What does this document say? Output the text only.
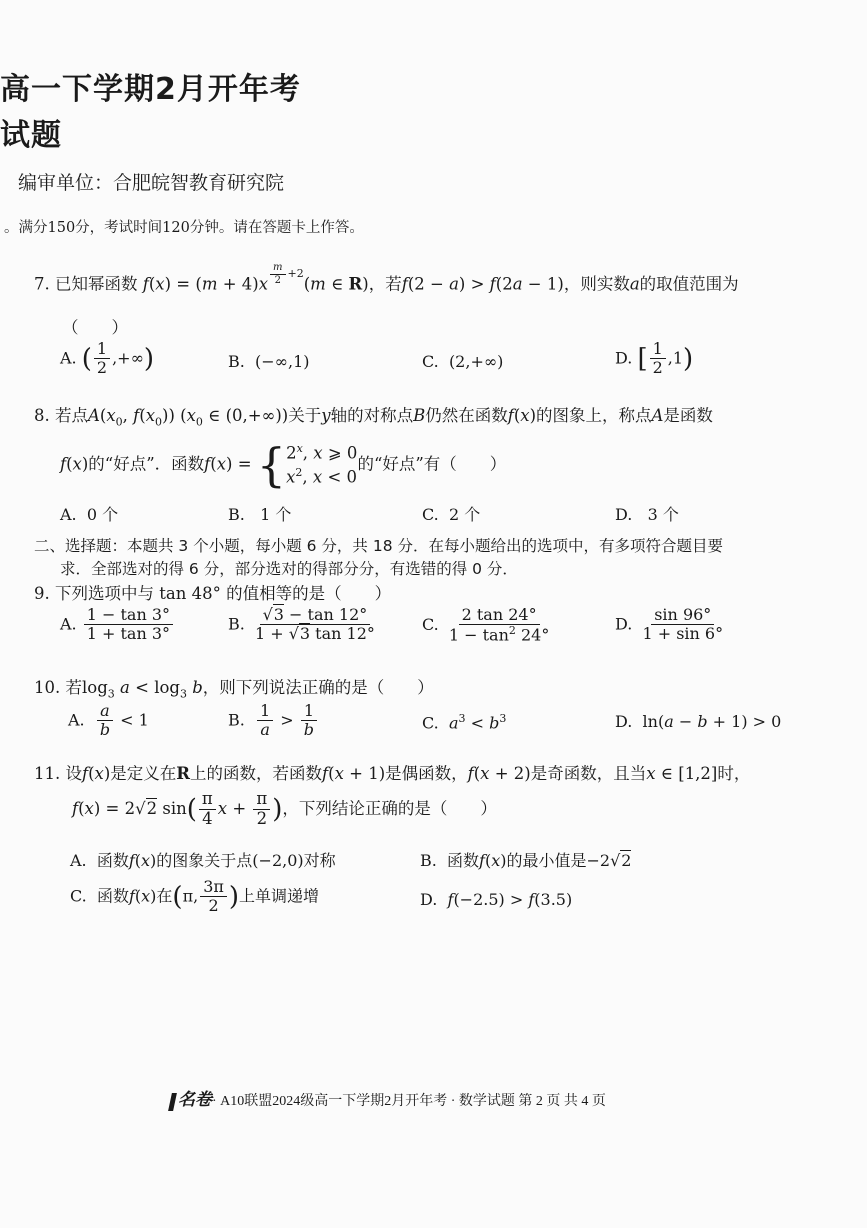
高一下学期2月开年考
试题
编审单位：合肥皖智教育研究院
。满分150分，考试时间120分钟。请在答题卡上作答。
7. 已知幂函数 f(x) = (m + 4)x $^{\frac{m}{2} +2}$(m ∈ R)，若f(2 − a) > f(2a − 1)，则实数a的取值范围为
（　　）
A. ( $\frac{1}{2}$ ,+∞)	B.  (−∞,1)	C.  (2,+∞)	D. [ $\frac{1}{2} ,1$)
8. 若点$A(x_0$, $f(x_0)$) ($x_0$ ∈ (0,+∞))关于y轴的对称点B仍然在函数f(x)的图象上，称点A是函数
f(x)的“好点”．函数f(x) = { 2$^x$, x ⩾ 0
$x^2$, x < 0
的“好点”有（　　）
A. 0 个	B. 1 个	C. 2 个	D. 3 个
二、选择题：本题共 3 个小题，每小题 6 分，共 18 分．在每小题给出的选项中，有多项符合题目要
求．全部选对的得 6 分，部分选对的得部分分，有选错的得 0 分．
9. 下列选项中与 tan 48° 的值相等的是（　　）
A. $\frac{1 - \tan 3^\circ}{1 + \tan 3^\circ}$	B. $\frac{√3 - \tan 12^\circ}{1 + √3 \tan 12^\circ}$	C. $\frac{2 \tan 24^\circ}{1 - \tan^2 24^\circ}$	D. $\frac{\sin 96^\circ}{1 + \sin 6^\circ}$
10. 若$\log_3 a < \log_3 b$，则下列说法正确的是（　　）
A. $\frac{a}{b} < 1$	B. $\frac{1}{a} > \frac{1}{b}$	C. $a^3 < b^3$	D.  ln(a − b + 1) > 0
11. 设f(x)是定义在R上的函数，若函数f(x + 1)是偶函数，f(x + 2)是奇函数，且当x ∈ [1,2]时，
f(x) = 2√2 $\sin( \frac{\pi}{4}$ $x + \frac{\pi}{2}$ )，下列结论正确的是（　　）
A. 函数f(x)的图象关于点(−2,0)对称	B. 函数f(x)的最小值是−2√2
C. 函数f(x)在(π, $\frac{3\pi}{2}$ )上单调递增	D. f(−2.5) > f(3.5)
名卷· A10联盟2024级高一下学期2月开年考 · 数学试题 第 2 页 共 4 页
